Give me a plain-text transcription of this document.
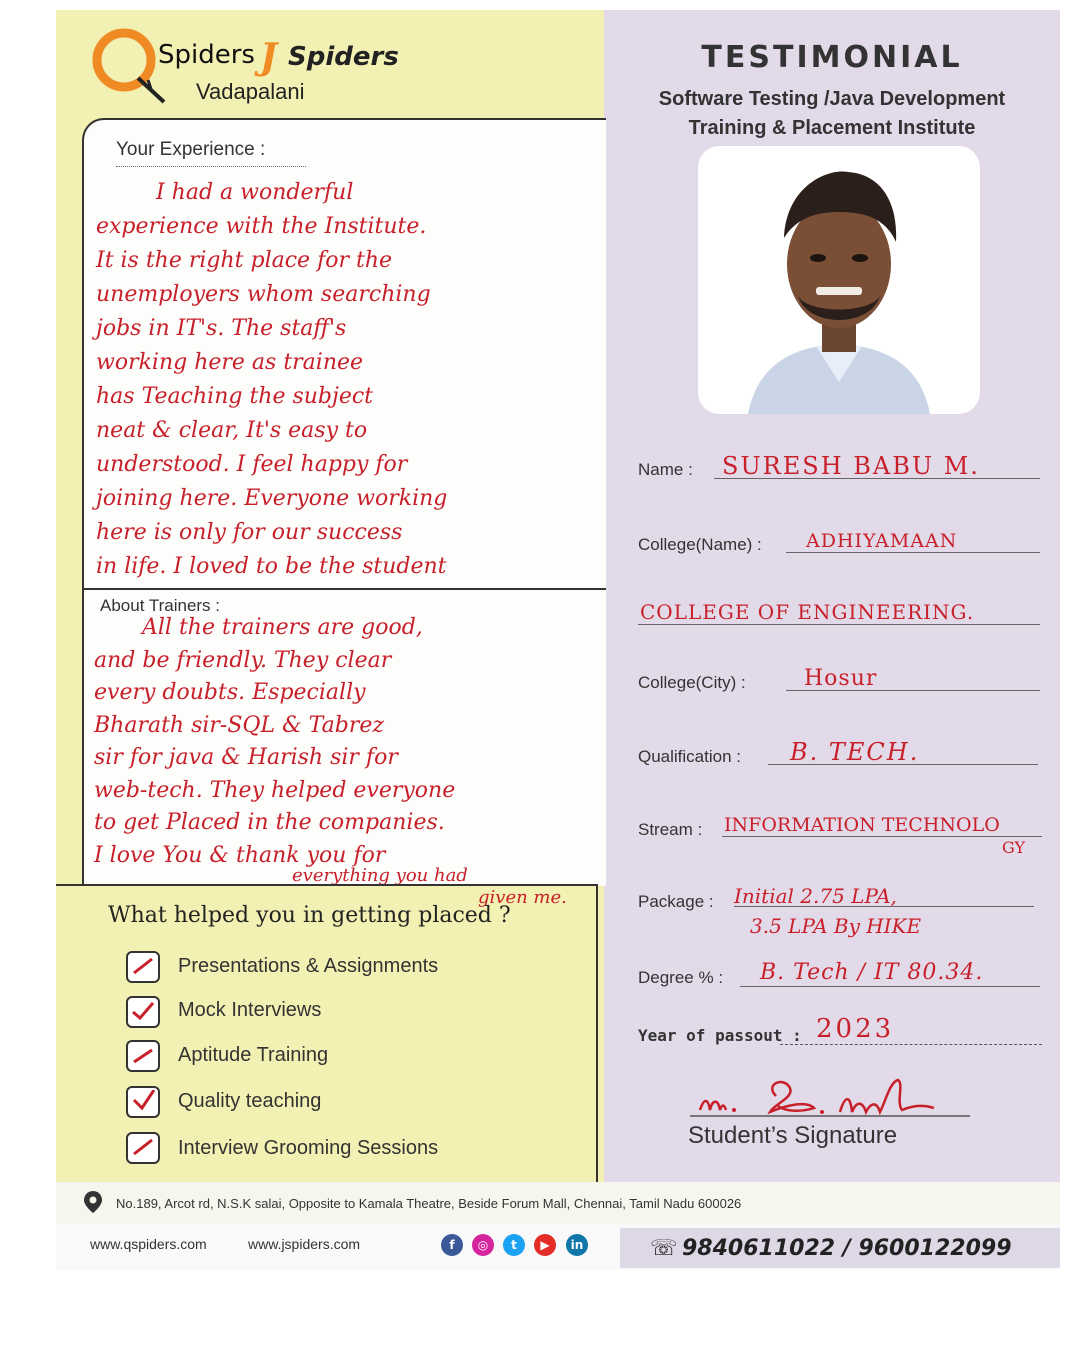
Spiders J Spiders
Vadapalani
TESTIMONIAL
Software Testing /Java Development
Training & Placement Institute
Your Experience :
I had a wonderful
experience with the Institute.
It is the right place for the
unemployers whom searching
jobs in IT's. The staff's
working here as trainee
has Teaching the subject
neat & clear, It's easy to
understood. I feel happy for
joining here. Everyone working
here is only for our success
in life. I loved to be the student
About Trainers :
All the trainers are good,
and be friendly. They clear
every doubts. Especially
Bharath sir-SQL & Tabrez
sir for java & Harish sir for
web-tech. They helped everyone
to get Placed in the companies.
I love You & thank you for
everything you had
given me.
What helped you in getting placed ?
Presentations & Assignments
Mock Interviews
Aptitude Training
Quality teaching
Interview Grooming Sessions
Name : SURESH BABU M.
College(Name) : ADHIYAMAAN
COLLEGE OF ENGINEERING.
College(City) :	Hosur
Qualification : B. TECH.
Stream : INFORMATION TECHNOLO
GY
Package : Initial 2.75 LPA,
3.5 LPA By HIKE
Degree % : B. Tech / IT 80.34.
Year of passout : 2023
Student’s Signature
No.189, Arcot rd, N.S.K salai, Opposite to Kamala Theatre, Beside Forum Mall, Chennai, Tamil Nadu 600026
www.qspiders.com	www.jspiders.com	f	◎	t	▶	in	☏ 9840611022 / 9600122099
